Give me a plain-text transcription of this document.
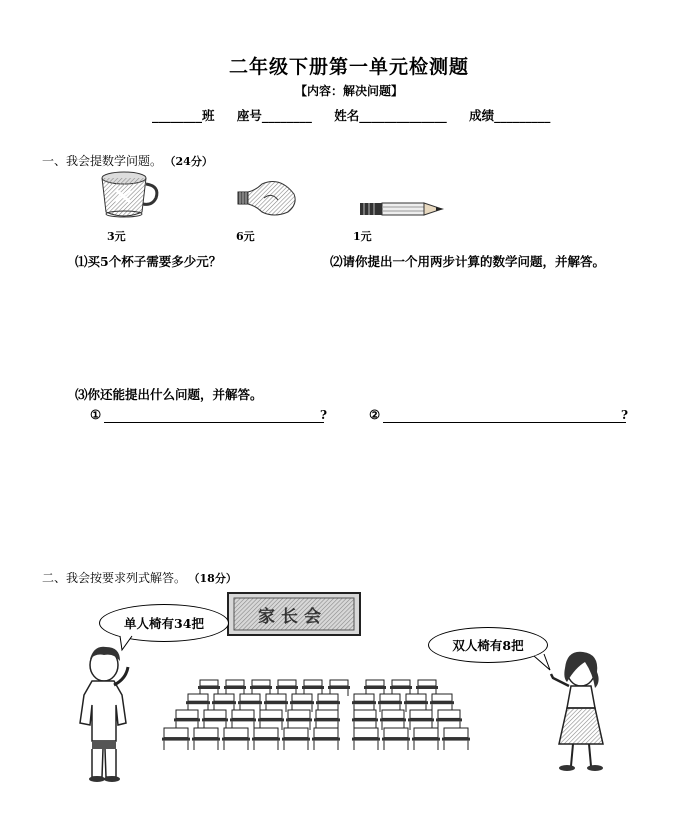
二年级下册第一单元检测题
【内容：解决问题】
________班 座号________ 姓名______________ 成绩_________
一、我会提数学问题。 （24分）
3元	6元	1元
⑴买5个杯子需要多少元？	⑵请你提出一个用两步计算的数学问题，并解答。
⑶你还能提出什么问题，并解答。
①	?	②	?
二、我会按要求列式解答。 （18分）
家长会
单人椅有34把
双人椅有8把
